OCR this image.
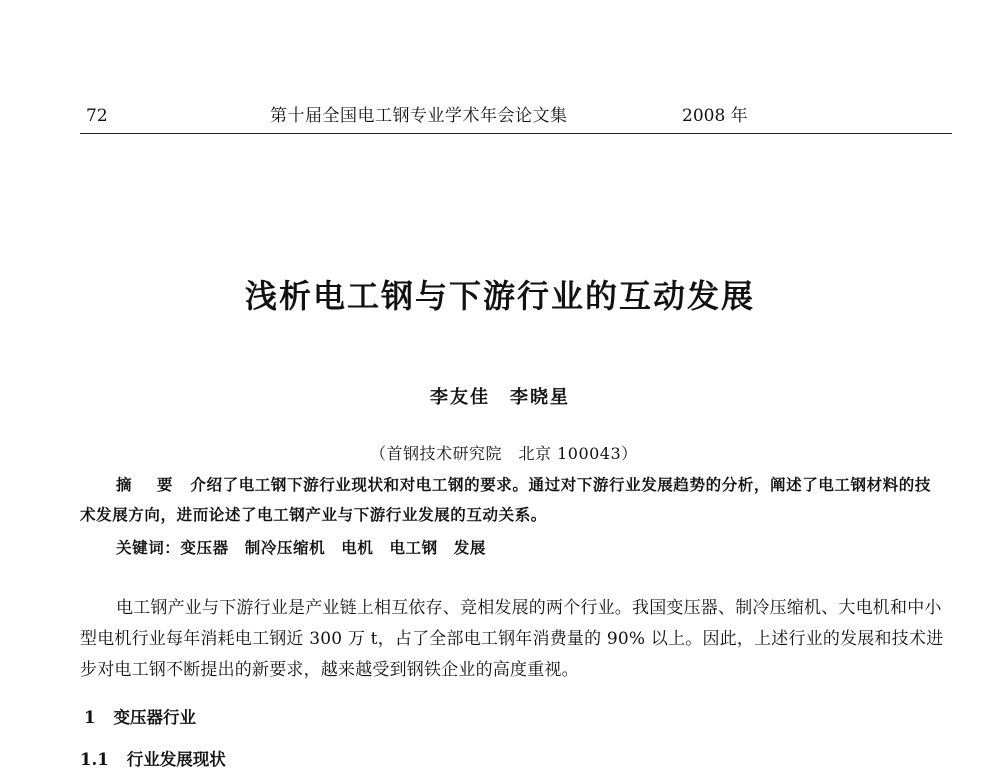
72	第十届全国电工钢专业学术年会论文集	2008 年
浅析电工钢与下游行业的互动发展
李友佳　李晓星
（首钢技术研究院　北京 100043）

摘 要 介绍了电工钢下游行业现状和对电工钢的要求。通过对下游行业发展趋势的分析，阐述了电工钢材料的技术发展方向，进而论述了电工钢产业与下游行业发展的互动关系。

关键词：变压器 制冷压缩机 电机 电工钢 发展

电工钢产业与下游行业是产业链上相互依存、竞相发展的两个行业。我国变压器、制冷压缩机、大电机和中小型电机行业每年消耗电工钢近 300 万 t，占了全部电工钢年消费量的 90% 以上。因此，上述行业的发展和技术进步对电工钢不断提出的新要求，越来越受到钢铁企业的高度重视。

1 变压器行业
1.1 行业发展现状
